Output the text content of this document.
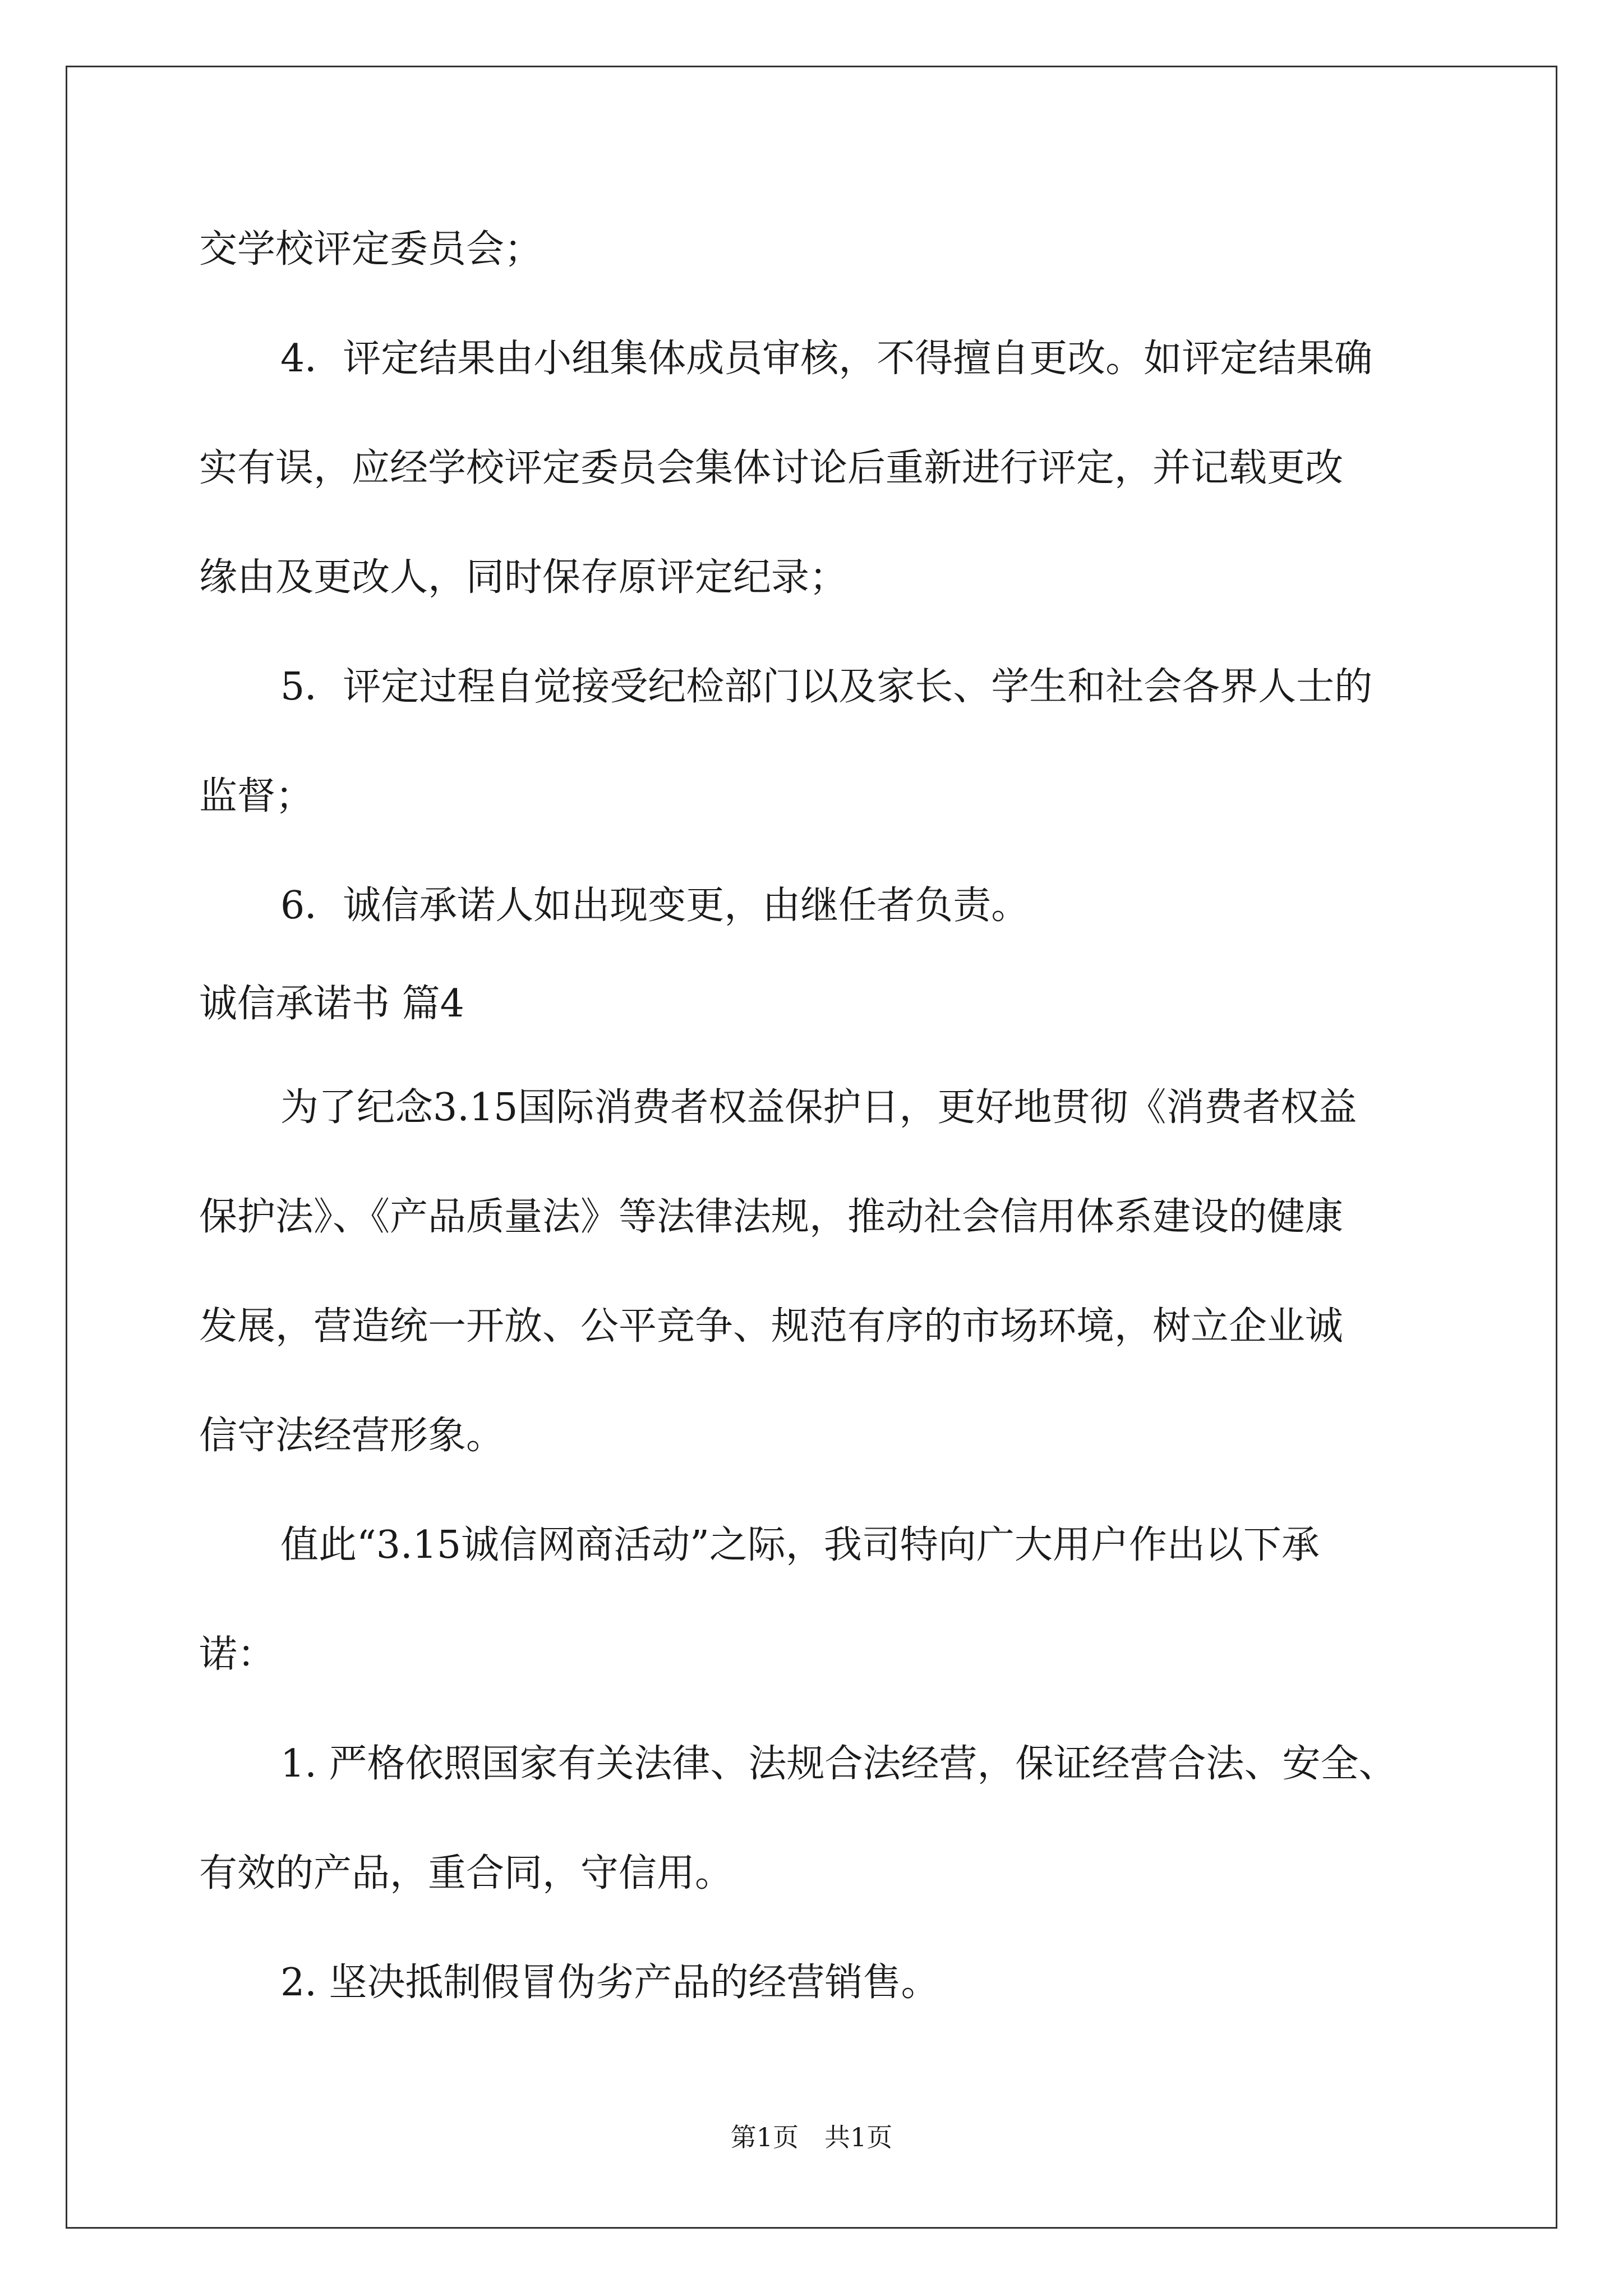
交学校评定委员会；
4．评定结果由小组集体成员审核，不得擅自更改。如评定结果确
实有误，应经学校评定委员会集体讨论后重新进行评定，并记载更改
缘由及更改人，同时保存原评定纪录；
5．评定过程自觉接受纪检部门以及家长、学生和社会各界人士的
监督；
6．诚信承诺人如出现变更，由继任者负责。
诚信承诺书 篇4
为了纪念3.15国际消费者权益保护日，更好地贯彻《消费者权益
保护法》、《产品质量法》等法律法规，推动社会信用体系建设的健康
发展，营造统一开放、公平竞争、规范有序的市场环境，树立企业诚
信守法经营形象。
值此“3.15诚信网商活动”之际，我司特向广大用户作出以下承
诺：
1. 严格依照国家有关法律、法规合法经营，保证经营合法、安全、
有效的产品，重合同，守信用。
2. 坚决抵制假冒伪劣产品的经营销售。
第1页　共1页
